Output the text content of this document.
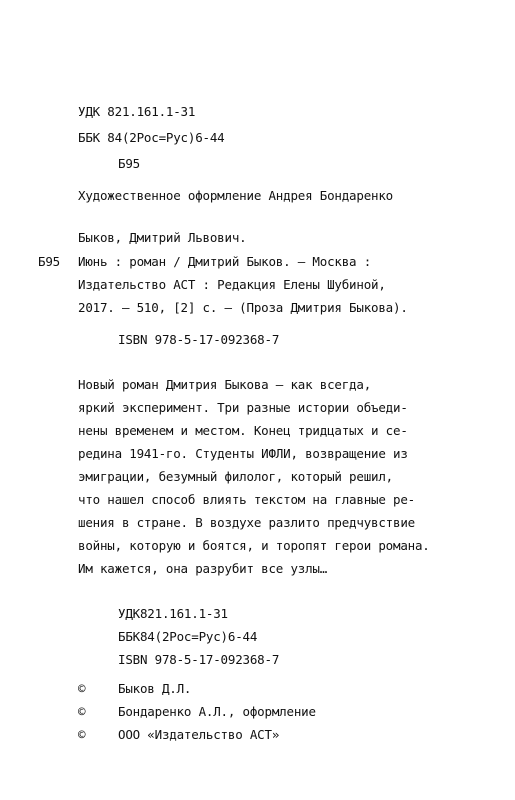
УДК 821.161.1-31
ББК 84(2Рос=Рус)6-44
Б95
Художественное оформление Андрея Бондаренко
Быков, Дмитрий Львович.
Б95 Июнь : роман / Дмитрий Быков. — Москва :
Издательство АСТ : Редакция Елены Шубиной,
2017. — 510, [2] с. — (Проза Дмитрия Быкова).
ISBN 978-5-17-092368-7
Новый роман Дмитрия Быкова — как всегда,
яркий эксперимент. Три разные истории объеди-
нены временем и местом. Конец тридцатых и се-
редина 1941-го. Студенты ИФЛИ, возвращение из
эмиграции, безумный филолог, который решил,
что нашел способ влиять текстом на главные ре-
шения в стране. В воздухе разлито предчувствие
войны, которую и боятся, и торопят герои романа.
Им кажется, она разрубит все узлы…
УДК821.161.1-31
ББК84(2Рос=Рус)6-44
ISBN 978-5-17-092368-7
©	Быков Д.Л.
©	Бондаренко А.Л., оформление
©	ООО «Издательство АСТ»
